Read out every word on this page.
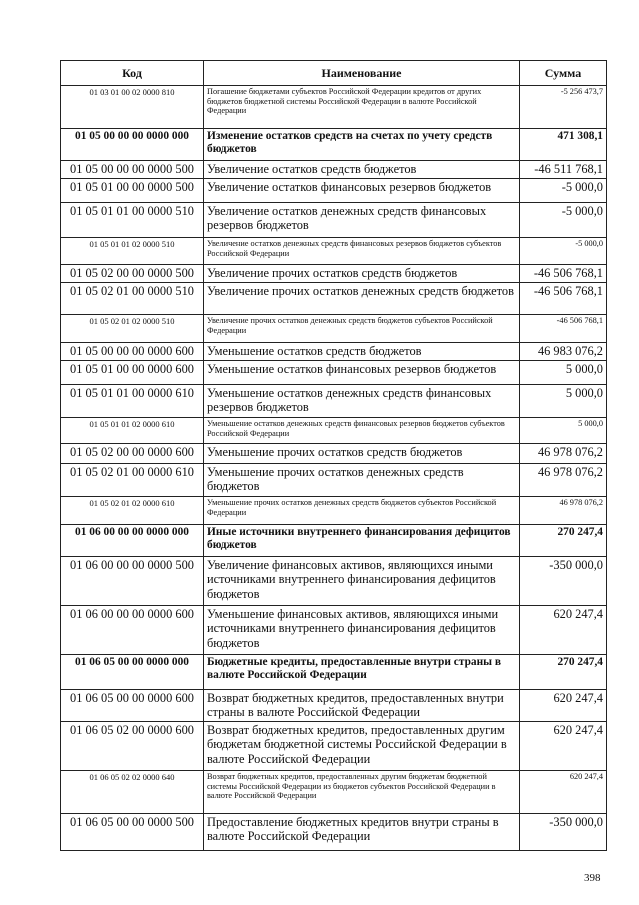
Код	Наименование	Сумма
01 03 01 00 02 0000 810	Погашение бюджетами субъектов Российской Федерации кредитов от других бюджетов бюджетной системы Российской Федерации в валюте Российской Федерации	-5 256 473,7
01 05 00 00 00 0000 000	Изменение остатков средств на счетах по учету средств бюджетов	471 308,1
01 05 00 00 00 0000 500	Увеличение остатков средств бюджетов	-46 511 768,1
01 05 01 00 00 0000 500	Увеличение остатков финансовых резервов бюджетов	-5 000,0
01 05 01 01 00 0000 510	Увеличение остатков денежных средств финансовых резервов бюджетов	-5 000,0
01 05 01 01 02 0000 510	Увеличение остатков денежных средств финансовых резервов бюджетов субъектов Российской Федерации	-5 000,0
01 05 02 00 00 0000 500	Увеличение прочих остатков средств бюджетов	-46 506 768,1
01 05 02 01 00 0000 510	Увеличение прочих остатков денежных средств бюджетов	-46 506 768,1
01 05 02 01 02 0000 510	Увеличение прочих остатков денежных средств бюджетов субъектов Российской Федерации	-46 506 768,1
01 05 00 00 00 0000 600	Уменьшение остатков средств бюджетов	46 983 076,2
01 05 01 00 00 0000 600	Уменьшение остатков финансовых резервов бюджетов	5 000,0
01 05 01 01 00 0000 610	Уменьшение остатков денежных средств финансовых резервов бюджетов	5 000,0
01 05 01 01 02 0000 610	Уменьшение остатков денежных средств финансовых резервов бюджетов субъектов Российской Федерации	5 000,0
01 05 02 00 00 0000 600	Уменьшение прочих остатков средств бюджетов	46 978 076,2
01 05 02 01 00 0000 610	Уменьшение прочих остатков денежных средств бюджетов	46 978 076,2
01 05 02 01 02 0000 610	Уменьшение прочих остатков денежных средств бюджетов субъектов Российской Федерации	46 978 076,2
01 06 00 00 00 0000 000	Иные источники внутреннего финансирования дефицитов бюджетов	270 247,4
01 06 00 00 00 0000 500	Увеличение финансовых активов, являющихся иными источниками внутреннего финансирования дефицитов бюджетов	-350 000,0
01 06 00 00 00 0000 600	Уменьшение финансовых активов, являющихся иными источниками внутреннего финансирования дефицитов бюджетов	620 247,4
01 06 05 00 00 0000 000	Бюджетные кредиты, предоставленные внутри страны в валюте Российской Федерации	270 247,4
01 06 05 00 00 0000 600	Возврат бюджетных кредитов, предоставленных внутри страны в валюте Российской Федерации	620 247,4
01 06 05 02 00 0000 600	Возврат бюджетных кредитов, предоставленных другим бюджетам бюджетной системы Российской Федерации в валюте Российской Федерации	620 247,4
01 06 05 02 02 0000 640	Возврат бюджетных кредитов, предоставленных другим бюджетам бюджетной системы Российской Федерации из бюджетов субъектов Российской Федерации в валюте Российской Федерации	620 247,4
01 06 05 00 00 0000 500	Предоставление бюджетных кредитов внутри страны в валюте Российской Федерации	-350 000,0
398
